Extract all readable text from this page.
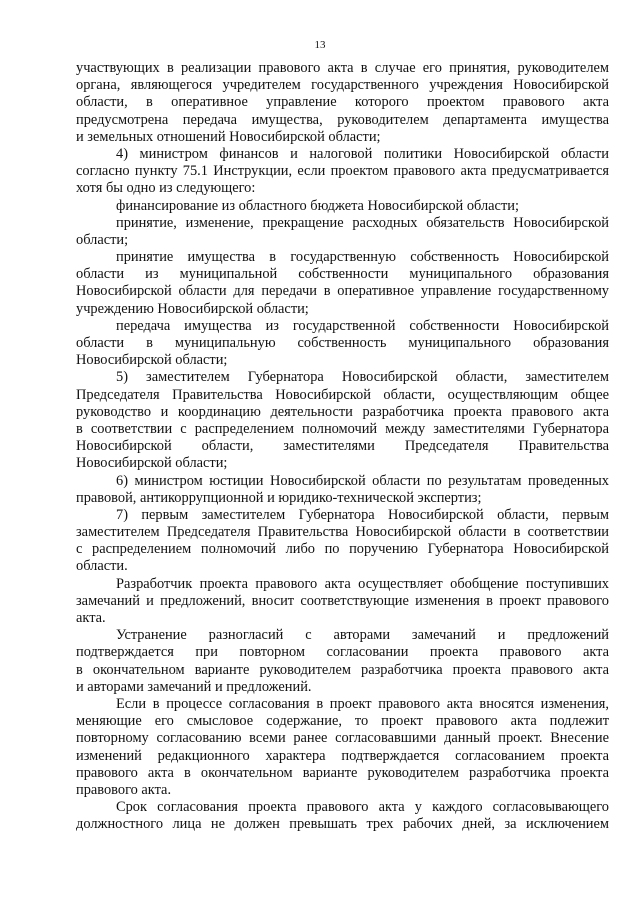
13
участвующих в реализации правового акта в случае его принятия, руководителем
органа, являющегося учредителем государственного учреждения Новосибирской
области, в оперативное управление которого проектом правового акта
предусмотрена передача имущества, руководителем департамента имущества
и земельных отношений Новосибирской области;
4) министром финансов и налоговой политики Новосибирской области
согласно пункту 75.1 Инструкции, если проектом правового акта предусматривается
хотя бы одно из следующего:
финансирование из областного бюджета Новосибирской области;
принятие, изменение, прекращение расходных обязательств Новосибирской
области;
принятие имущества в государственную собственность Новосибирской
области из муниципальной собственности муниципального образования
Новосибирской области для передачи в оперативное управление государственному
учреждению Новосибирской области;
передача имущества из государственной собственности Новосибирской
области в муниципальную собственность муниципального образования
Новосибирской области;
5) заместителем Губернатора Новосибирской области, заместителем
Председателя Правительства Новосибирской области, осуществляющим общее
руководство и координацию деятельности разработчика проекта правового акта
в соответствии с распределением полномочий между заместителями Губернатора
Новосибирской области, заместителями Председателя Правительства
Новосибирской области;
6) министром юстиции Новосибирской области по результатам проведенных
правовой, антикоррупционной и юридико-технической экспертиз;
7) первым заместителем Губернатора Новосибирской области, первым
заместителем Председателя Правительства Новосибирской области в соответствии
с распределением полномочий либо по поручению Губернатора Новосибирской
области.
Разработчик проекта правового акта осуществляет обобщение поступивших
замечаний и предложений, вносит соответствующие изменения в проект правового
акта.
Устранение разногласий с авторами замечаний и предложений
подтверждается при повторном согласовании проекта правового акта
в окончательном варианте руководителем разработчика проекта правового акта
и авторами замечаний и предложений.
Если в процессе согласования в проект правового акта вносятся изменения,
меняющие его смысловое содержание, то проект правового акта подлежит
повторному согласованию всеми ранее согласовавшими данный проект. Внесение
изменений редакционного характера подтверждается согласованием проекта
правового акта в окончательном варианте руководителем разработчика проекта
правового акта.
Срок согласования проекта правового акта у каждого согласовывающего
должностного лица не должен превышать трех рабочих дней, за исключением
